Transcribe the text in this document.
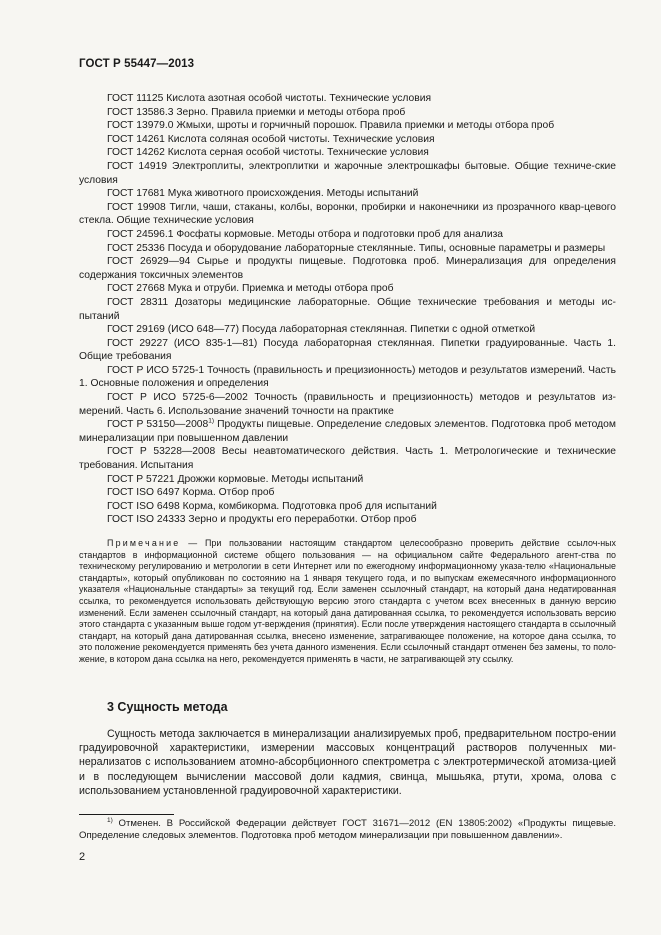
ГОСТ Р 55447—2013
ГОСТ 11125 Кислота азотная особой чистоты. Технические условия
ГОСТ 13586.3 Зерно. Правила приемки и методы отбора проб
ГОСТ 13979.0 Жмыхи, шроты и горчичный порошок. Правила приемки и методы отбора проб
ГОСТ 14261 Кислота соляная особой чистоты. Технические условия
ГОСТ 14262 Кислота серная особой чистоты. Технические условия
ГОСТ 14919 Электроплиты, электроплитки и жарочные электрошкафы бытовые. Общие техниче-ские условия
ГОСТ 17681 Мука животного происхождения. Методы испытаний
ГОСТ 19908 Тигли, чаши, стаканы, колбы, воронки, пробирки и наконечники из прозрачного квар-цевого стекла. Общие технические условия
ГОСТ 24596.1 Фосфаты кормовые. Методы отбора и подготовки проб для анализа
ГОСТ 25336 Посуда и оборудование лабораторные стеклянные. Типы, основные параметры и размеры
ГОСТ 26929—94 Сырье и продукты пищевые. Подготовка проб. Минерализация для определения содержания токсичных элементов
ГОСТ 27668 Мука и отруби. Приемка и методы отбора проб
ГОСТ 28311 Дозаторы медицинские лабораторные. Общие технические требования и методы ис-пытаний
ГОСТ 29169 (ИСО 648—77) Посуда лабораторная стеклянная. Пипетки с одной отметкой
ГОСТ 29227 (ИСО 835-1—81) Посуда лабораторная стеклянная. Пипетки градуированные. Часть 1. Общие требования
ГОСТ Р ИСО 5725-1 Точность (правильность и прецизионность) методов и результатов измерений. Часть 1. Основные положения и определения
ГОСТ Р ИСО 5725-6—2002 Точность (правильность и прецизионность) методов и результатов из-мерений. Часть 6. Использование значений точности на практике
ГОСТ Р 53150—2008$^{1)}$ Продукты пищевые. Определение следовых элементов. Подготовка проб методом минерализации при повышенном давлении
ГОСТ Р 53228—2008 Весы неавтоматического действия. Часть 1. Метрологические и технические требования. Испытания
ГОСТ Р 57221 Дрожжи кормовые. Методы испытаний
ГОСТ ISO 6497 Корма. Отбор проб
ГОСТ ISO 6498 Корма, комбикорма. Подготовка проб для испытаний
ГОСТ ISO 24333 Зерно и продукты его переработки. Отбор проб
Примечание — При пользовании настоящим стандартом целесообразно проверить действие ссылоч-ных стандартов в информационной системе общего пользования — на официальном сайте Федерального агент-ства по техническому регулированию и метрологии в сети Интернет или по ежегодному информационному указа-телю «Национальные стандарты», который опубликован по состоянию на 1 января текущего года, и по выпускам ежемесячного информационного указателя «Национальные стандарты» за текущий год. Если заменен ссылочный стандарт, на который дана недатированная ссылка, то рекомендуется использовать действующую версию этого стандарта с учетом всех внесенных в данную версию изменений. Если заменен ссылочный стандарт, на который дана датированная ссылка, то рекомендуется использовать версию этого стандарта с указанным выше годом ут-верждения (принятия). Если после утверждения настоящего стандарта в ссылочный стандарт, на который дана датированная ссылка, внесено изменение, затрагивающее положение, на которое дана ссылка, то это положение рекомендуется применять без учета данного изменения. Если ссылочный стандарт отменен без замены, то поло-жение, в котором дана ссылка на него, рекомендуется применять в части, не затрагивающей эту ссылку.
3 Сущность метода
Сущность метода заключается в минерализации анализируемых проб, предварительном постро-ении градуировочной характеристики, измерении массовых концентраций растворов полученных ми-нерализатов с использованием атомно-абсорбционного спектрометра с электротермической атомиза-цией и в последующем вычислении массовой доли кадмия, свинца, мышьяка, ртути, хрома, олова с использованием установленной градуировочной характеристики.
$^{1)}$ Отменен. В Российской Федерации действует ГОСТ 31671—2012 (EN 13805:2002) «Продукты пищевые. Определение следовых элементов. Подготовка проб методом минерализации при повышенном давлении».
2
